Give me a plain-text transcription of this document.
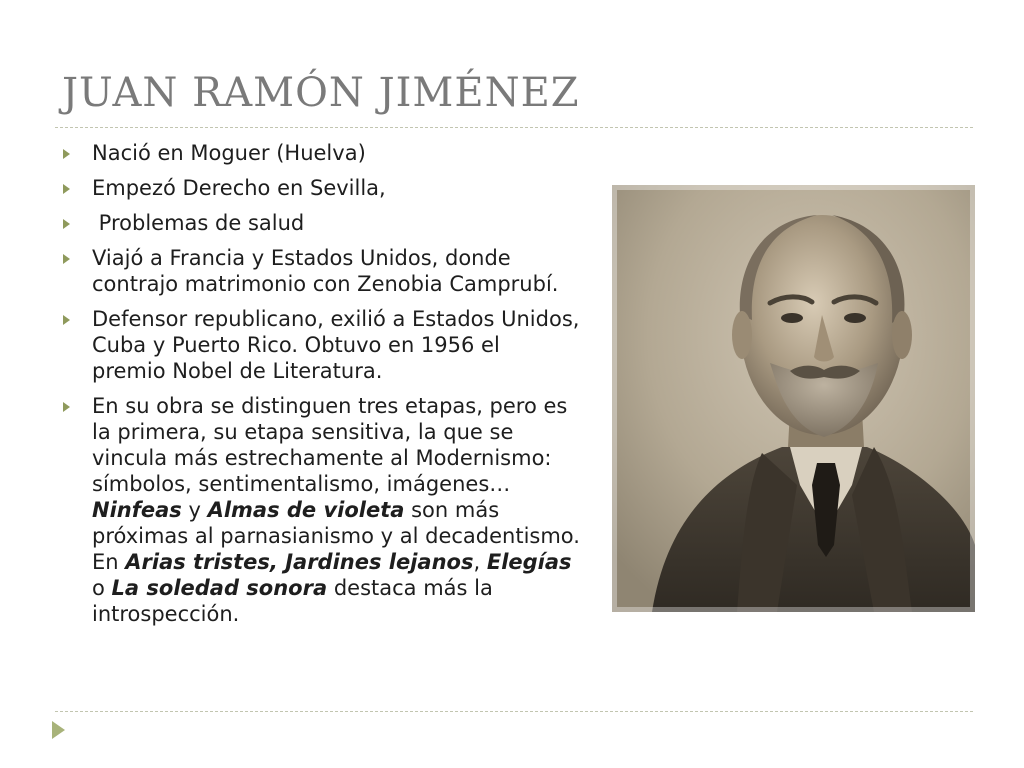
JUAN RAMÓN JIMÉNEZ
Nació en Moguer (Huelva)
Empezó Derecho en Sevilla,
Problemas de salud
Viajó a Francia y Estados Unidos, donde contrajo matrimonio con Zenobia Camprubí.
Defensor republicano, exilió a Estados Unidos, Cuba y Puerto Rico. Obtuvo en 1956 el premio Nobel de Literatura.
En su obra se distinguen tres etapas, pero es la primera, su etapa sensitiva, la que se vincula más estrechamente al Modernismo: símbolos, sentimentalismo, imágenes… Ninfeas y Almas de violeta son más próximas al parnasianismo y al decadentismo. En Arias tristes, Jardines lejanos, Elegías o La soledad sonora destaca más la introspección.
